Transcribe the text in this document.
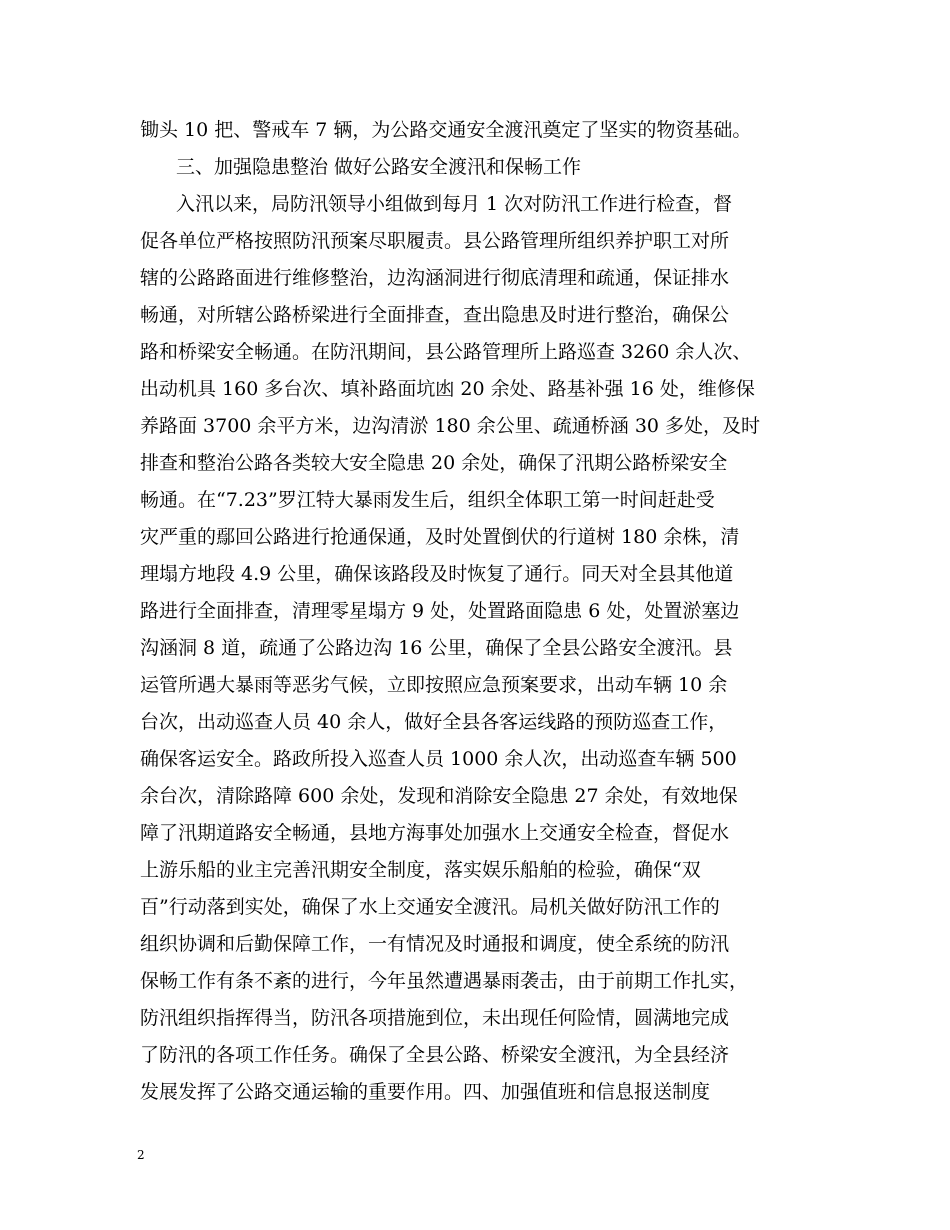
锄头 10 把、警戒车 7 辆，为公路交通安全渡汛奠定了坚实的物资基础。
三、加强隐患整治 做好公路安全渡汛和保畅工作
入汛以来，局防汛领导小组做到每月 1 次对防汛工作进行检查，督
促各单位严格按照防汛预案尽职履责。县公路管理所组织养护职工对所
辖的公路路面进行维修整治，边沟涵洞进行彻底清理和疏通，保证排水
畅通，对所辖公路桥梁进行全面排查，查出隐患及时进行整治，确保公
路和桥梁安全畅通。在防汛期间，县公路管理所上路巡查 3260 余人次、
出动机具 160 多台次、填补路面坑凼 20 余处、路基补强 16 处，维修保
养路面 3700 余平方米，边沟清淤 180 余公里、疏通桥涵 30 多处，及时
排查和整治公路各类较大安全隐患 20 余处，确保了汛期公路桥梁安全
畅通。在“7.23”罗江特大暴雨发生后，组织全体职工第一时间赶赴受
灾严重的鄢回公路进行抢通保通，及时处置倒伏的行道树 180 余株，清
理塌方地段 4.9 公里，确保该路段及时恢复了通行。同天对全县其他道
路进行全面排查，清理零星塌方 9 处，处置路面隐患 6 处，处置淤塞边
沟涵洞 8 道，疏通了公路边沟 16 公里，确保了全县公路安全渡汛。县
运管所遇大暴雨等恶劣气候，立即按照应急预案要求，出动车辆 10 余
台次，出动巡查人员 40 余人，做好全县各客运线路的预防巡查工作，
确保客运安全。路政所投入巡查人员 1000 余人次，出动巡查车辆 500
余台次，清除路障 600 余处，发现和消除安全隐患 27 余处，有效地保
障了汛期道路安全畅通，县地方海事处加强水上交通安全检查，督促水
上游乐船的业主完善汛期安全制度，落实娱乐船舶的检验，确保“双
百”行动落到实处，确保了水上交通安全渡汛。局机关做好防汛工作的
组织协调和后勤保障工作，一有情况及时通报和调度，使全系统的防汛
保畅工作有条不紊的进行，今年虽然遭遇暴雨袭击，由于前期工作扎实，
防汛组织指挥得当，防汛各项措施到位，未出现任何险情，圆满地完成
了防汛的各项工作任务。确保了全县公路、桥梁安全渡汛，为全县经济
发展发挥了公路交通运输的重要作用。四、加强值班和信息报送制度
2
